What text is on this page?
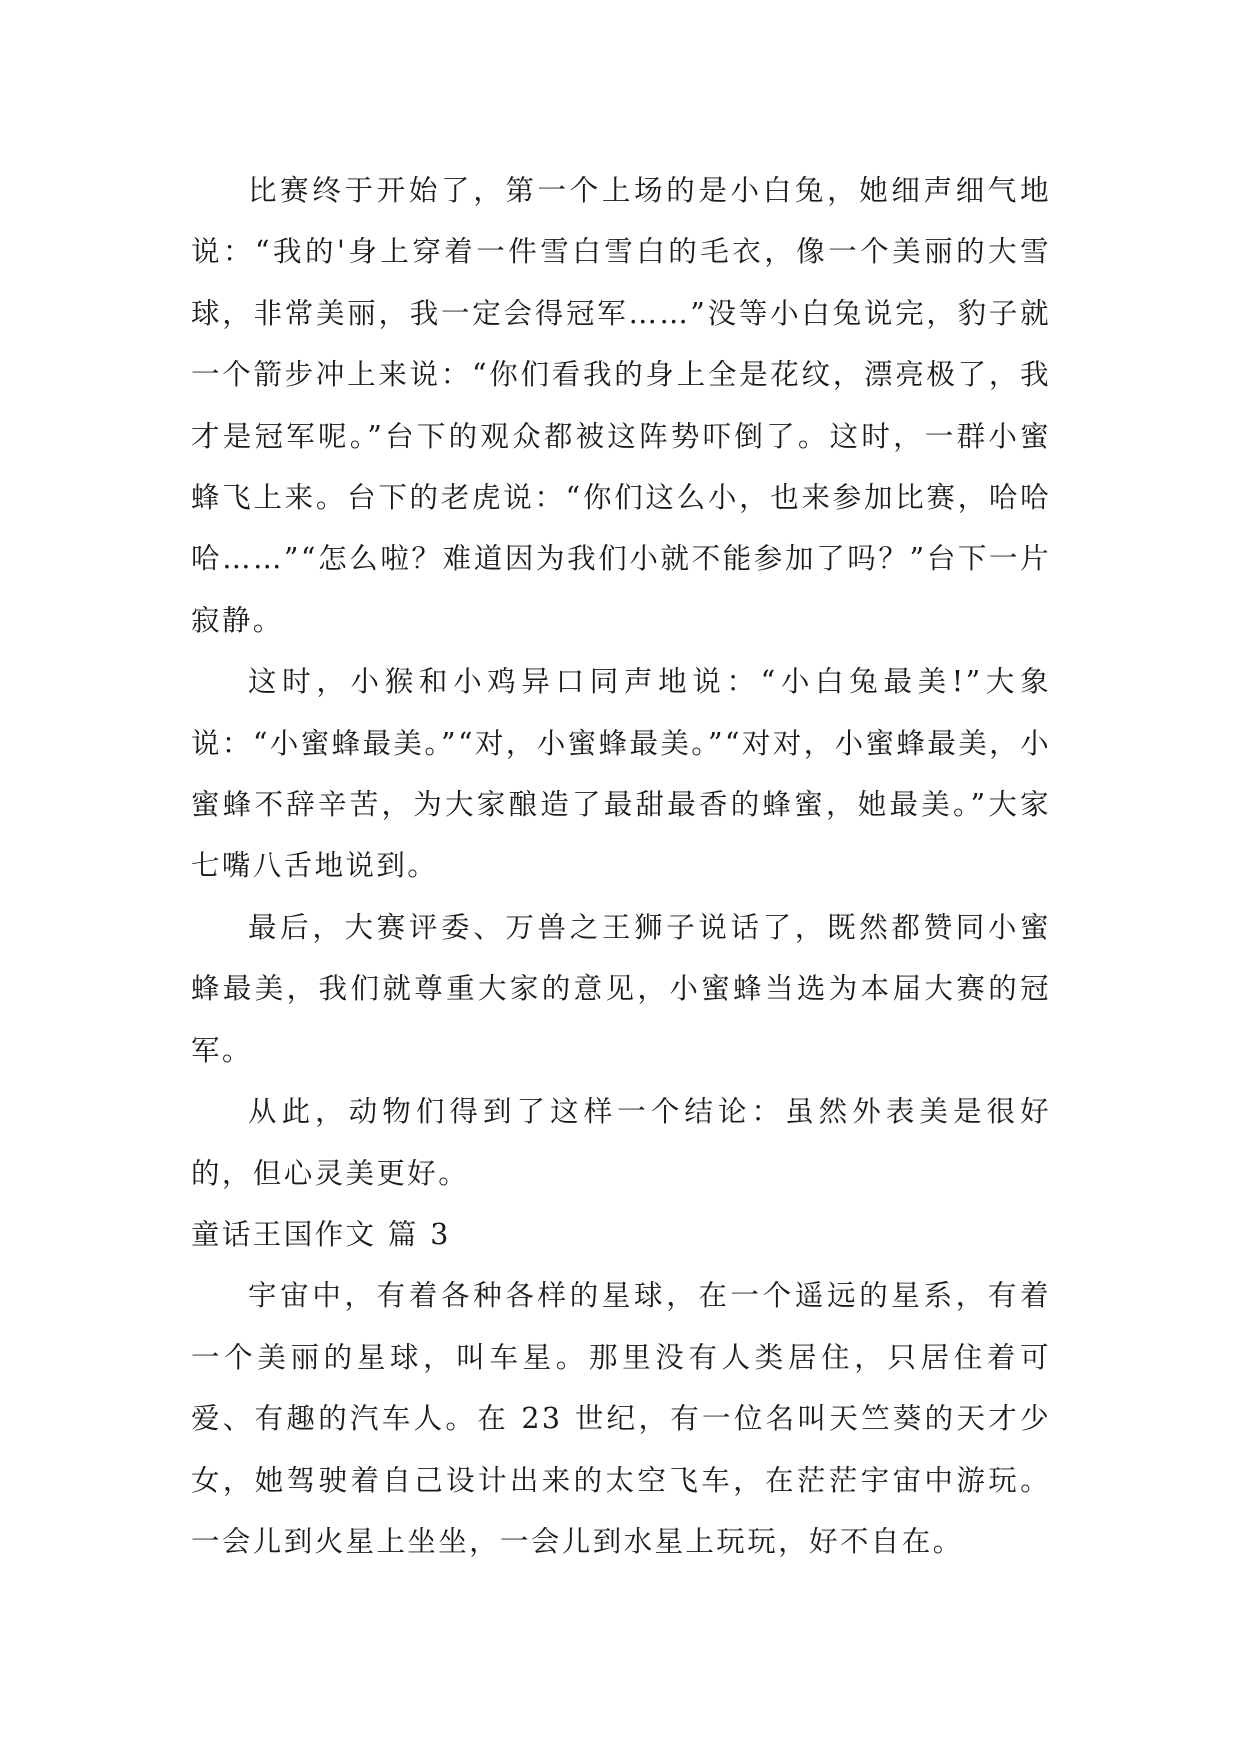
比赛终于开始了，第一个上场的是小白兔，她细声细气地说：“我的'身上穿着一件雪白雪白的毛衣，像一个美丽的大雪球，非常美丽，我一定会得冠军……”没等小白兔说完，豹子就一个箭步冲上来说：“你们看我的身上全是花纹，漂亮极了，我才是冠军呢。”台下的观众都被这阵势吓倒了。这时，一群小蜜蜂飞上来。台下的老虎说：“你们这么小，也来参加比赛，哈哈哈……”“怎么啦？难道因为我们小就不能参加了吗？”台下一片寂静。

这时，小猴和小鸡异口同声地说：“小白兔最美!”大象说：“小蜜蜂最美。”“对，小蜜蜂最美。”“对对，小蜜蜂最美，小蜜蜂不辞辛苦，为大家酿造了最甜最香的蜂蜜，她最美。”大家七嘴八舌地说到。

最后，大赛评委、万兽之王狮子说话了，既然都赞同小蜜蜂最美，我们就尊重大家的意见，小蜜蜂当选为本届大赛的冠军。

从此，动物们得到了这样一个结论：虽然外表美是很好的，但心灵美更好。

童话王国作文 篇 3

宇宙中，有着各种各样的星球，在一个遥远的星系，有着一个美丽的星球，叫车星。那里没有人类居住，只居住着可爱、有趣的汽车人。在 23 世纪，有一位名叫天竺葵的天才少女，她驾驶着自己设计出来的太空飞车，在茫茫宇宙中游玩。一会儿到火星上坐坐，一会儿到水星上玩玩，好不自在。
